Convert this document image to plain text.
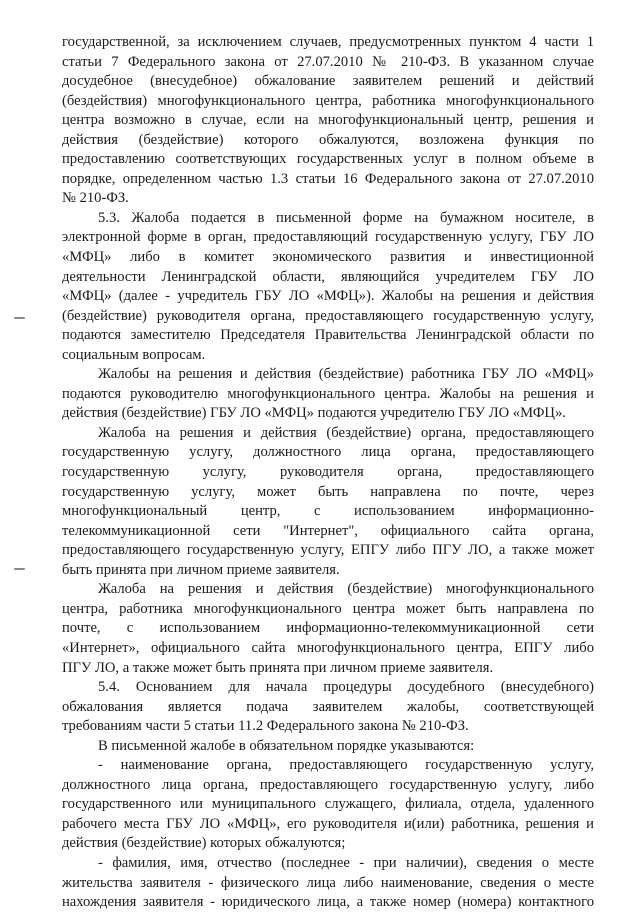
государственной, за исключением случаев, предусмотренных пунктом 4 части 1
статьи 7 Федерального закона от 27.07.2010 № 210-ФЗ. В указанном случае
досудебное (внесудебное) обжалование заявителем решений и действий
(бездействия) многофункционального центра, работника многофункционального
центра возможно в случае, если на многофункциональный центр, решения и
действия (бездействие) которого обжалуются, возложена функция по
предоставлению соответствующих государственных услуг в полном объеме в
порядке, определенном частью 1.3 статьи 16 Федерального закона от 27.07.2010
№ 210-ФЗ.
5.3. Жалоба подается в письменной форме на бумажном носителе, в
электронной форме в орган, предоставляющий государственную услугу, ГБУ ЛО
«МФЦ» либо в комитет экономического развития и инвестиционной
деятельности Ленинградской области, являющийся учредителем ГБУ ЛО
«МФЦ» (далее - учредитель ГБУ ЛО «МФЦ»). Жалобы на решения и действия
(бездействие) руководителя органа, предоставляющего государственную услугу,
подаются заместителю Председателя Правительства Ленинградской области по
социальным вопросам.
Жалобы на решения и действия (бездействие) работника ГБУ ЛО «МФЦ»
подаются руководителю многофункционального центра. Жалобы на решения и
действия (бездействие) ГБУ ЛО «МФЦ» подаются учредителю ГБУ ЛО «МФЦ».
Жалоба на решения и действия (бездействие) органа, предоставляющего
государственную услугу, должностного лица органа, предоставляющего
государственную услугу, руководителя органа, предоставляющего
государственную услугу, может быть направлена по почте, через
многофункциональный центр, с использованием информационно-
телекоммуникационной сети "Интернет", официального сайта органа,
предоставляющего государственную услугу, ЕПГУ либо ПГУ ЛО, а также может
быть принята при личном приеме заявителя.
Жалоба на решения и действия (бездействие) многофункционального
центра, работника многофункционального центра может быть направлена по
почте, с использованием информационно-телекоммуникационной сети
«Интернет», официального сайта многофункционального центра, ЕПГУ либо
ПГУ ЛО, а также может быть принята при личном приеме заявителя.
5.4. Основанием для начала процедуры досудебного (внесудебного)
обжалования является подача заявителем жалобы, соответствующей
требованиям части 5 статьи 11.2 Федерального закона № 210-ФЗ.
В письменной жалобе в обязательном порядке указываются:
- наименование органа, предоставляющего государственную услугу,
должностного лица органа, предоставляющего государственную услугу, либо
государственного или муниципального служащего, филиала, отдела, удаленного
рабочего места ГБУ ЛО «МФЦ», его руководителя и(или) работника, решения и
действия (бездействие) которых обжалуются;
- фамилия, имя, отчество (последнее - при наличии), сведения о месте
жительства заявителя - физического лица либо наименование, сведения о месте
нахождения заявителя - юридического лица, а также номер (номера) контактного
